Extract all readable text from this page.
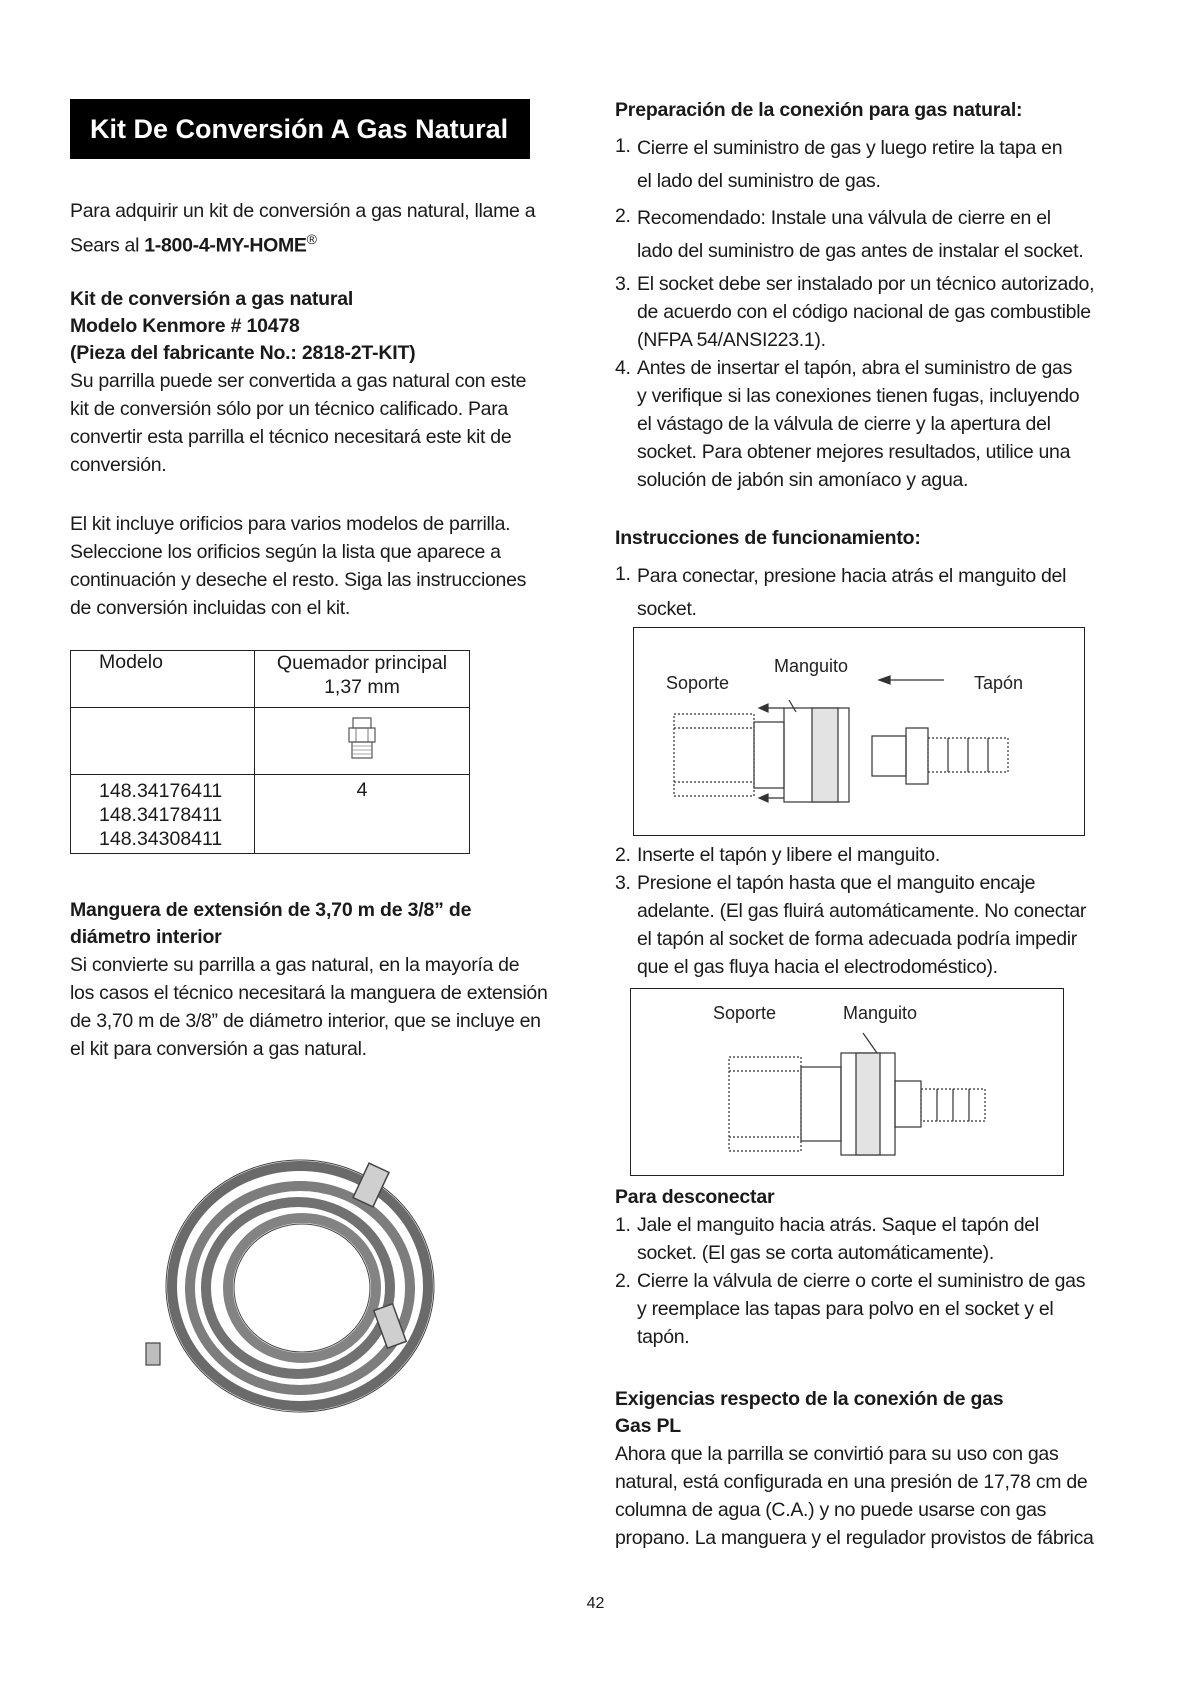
Kit De Conversión A Gas Natural

Para adquirir un kit de conversión a gas natural, llame a

Sears al 1-800-4-MY-HOME®

Kit de conversión a gas natural

Modelo Kenmore # 10478

(Pieza del fabricante No.: 2818-2T-KIT)

Su parrilla puede ser convertida a gas natural con este

kit de conversión sólo por un técnico calificado. Para

convertir esta parrilla el técnico necesitará este kit de

conversión.

El kit incluye orificios para varios modelos de parrilla.

Seleccione los orificios según la lista que aparece a

continuación y deseche el resto. Siga las instrucciones

de conversión incluidas con el kit.

Modelo	Quemador principal
1,37 mm

148.34176411
148.34178411
148.34308411	4

Manguera de extensión de 3,70 m de 3/8” de

diámetro interior

Si convierte su parrilla a gas natural, en la mayoría de

los casos el técnico necesitará la manguera de extensión

de 3,70 m de 3/8” de diámetro interior, que se incluye en

el kit para conversión a gas natural.

Preparación de la conexión para gas natural:

1. Cierre el suministro de gas y luego retire la tapa en
el lado del suministro de gas.
2. Recomendado: Instale una válvula de cierre en el
lado del suministro de gas antes de instalar el socket.
3. El socket debe ser instalado por un técnico autorizado,
de acuerdo con el código nacional de gas combustible
(NFPA 54/ANSI223.1).
4. Antes de insertar el tapón, abra el suministro de gas
y verifique si las conexiones tienen fugas, incluyendo
el vástago de la válvula de cierre y la apertura del
socket. Para obtener mejores resultados, utilice una
solución de jabón sin amoníaco y agua.

Instrucciones de funcionamiento:

1. Para conectar, presione hacia atrás el manguito del
socket.
Soporte
Manguito
Tapón
2. Inserte el tapón y libere el manguito.
3. Presione el tapón hasta que el manguito encaje
adelante. (El gas fluirá automáticamente. No conectar
el tapón al socket de forma adecuada podría impedir
que el gas fluya hacia el electrodoméstico).
Soporte	Manguito

Para desconectar

1. Jale el manguito hacia atrás. Saque el tapón del
socket. (El gas se corta automáticamente).
2. Cierre la válvula de cierre o corte el suministro de gas
y reemplace las tapas para polvo en el socket y el
tapón.

Exigencias respecto de la conexión de gas

Gas PL

Ahora que la parrilla se convirtió para su uso con gas

natural, está configurada en una presión de 17,78 cm de

columna de agua (C.A.) y no puede usarse con gas

propano. La manguera y el regulador provistos de fábrica

42
